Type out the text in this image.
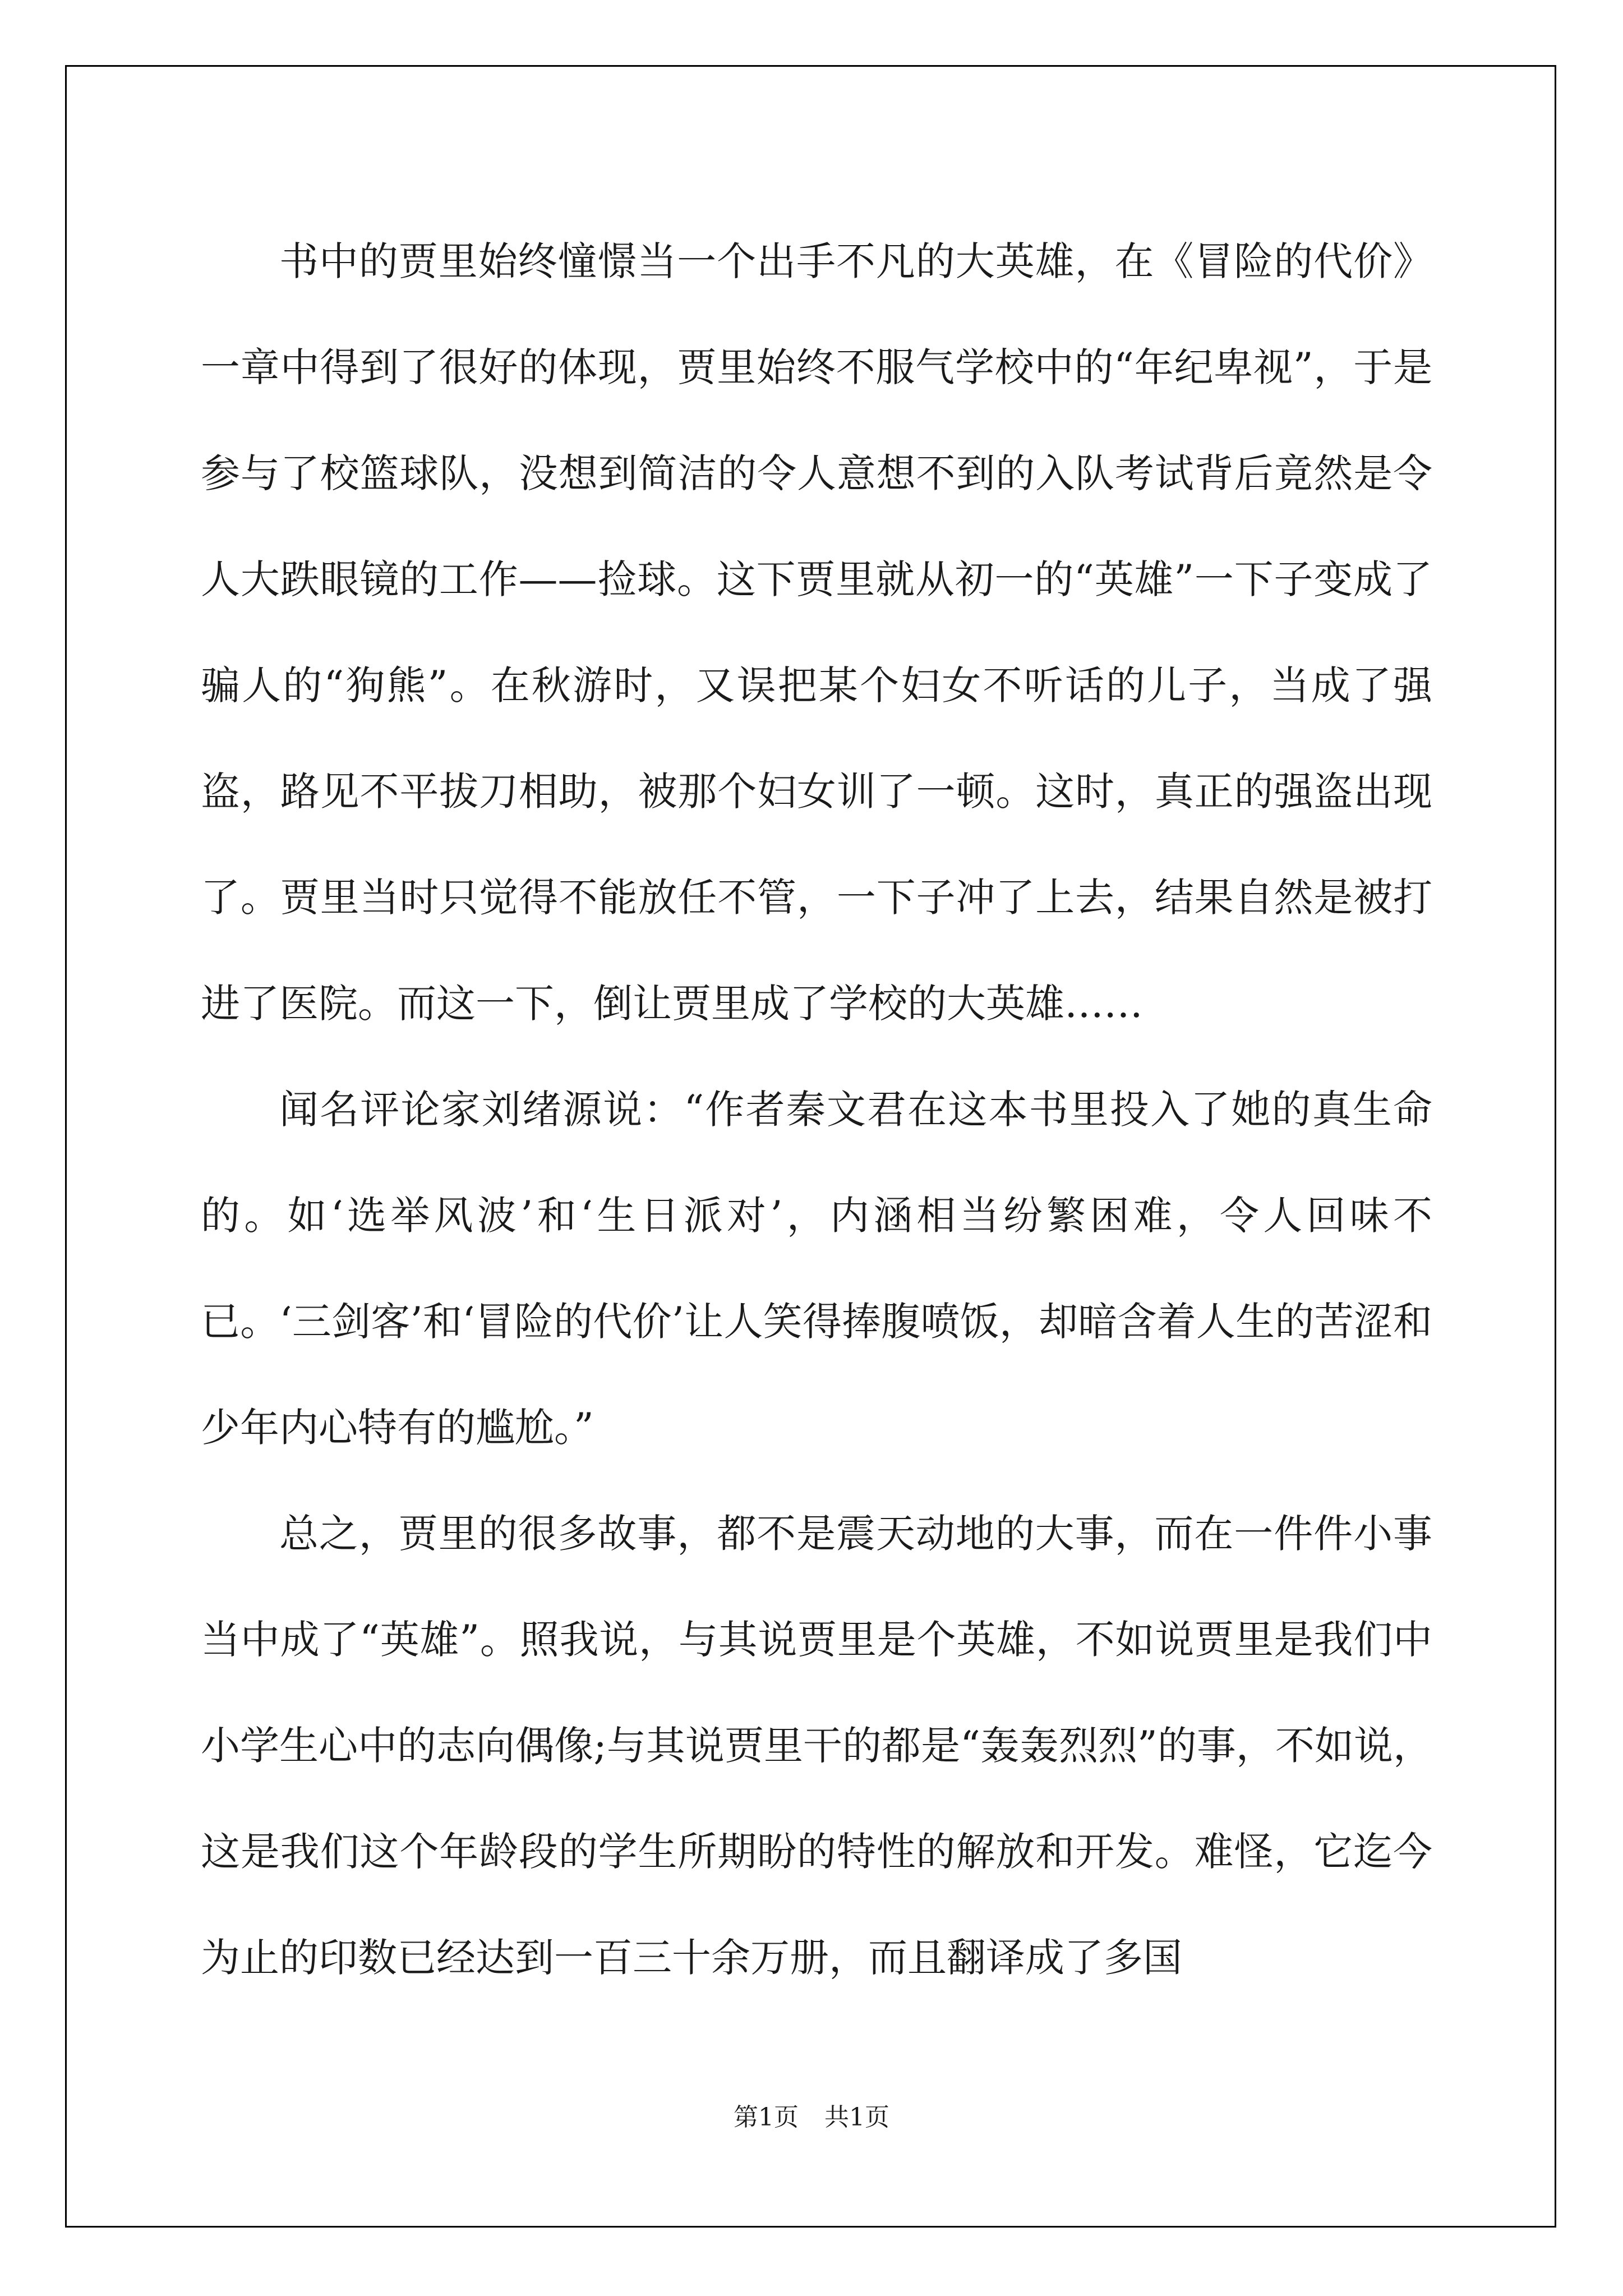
书中的贾里始终憧憬当一个出手不凡的大英雄，在《冒险的代价》一章中得到了很好的体现，贾里始终不服气学校中的“年纪卑视”，于是参与了校篮球队，没想到简洁的令人意想不到的入队考试背后竟然是令人大跌眼镜的工作——捡球。这下贾里就从初一的“英雄”一下子变成了骗人的“狗熊”。在秋游时，又误把某个妇女不听话的儿子，当成了强盗，路见不平拔刀相助，被那个妇女训了一顿。这时，真正的强盗出现了。贾里当时只觉得不能放任不管，一下子冲了上去，结果自然是被打进了医院。而这一下，倒让贾里成了学校的大英雄……

闻名评论家刘绪源说：“作者秦文君在这本书里投入了她的真生命的。如‘选举风波’和‘生日派对’，内涵相当纷繁困难，令人回味不已。‘三剑客’和‘冒险的代价’让人笑得捧腹喷饭，却暗含着人生的苦涩和少年内心特有的尴尬。”

总之，贾里的很多故事，都不是震天动地的大事，而在一件件小事当中成了“英雄”。照我说，与其说贾里是个英雄，不如说贾里是我们中小学生心中的志向偶像;与其说贾里干的都是“轰轰烈烈”的事，不如说，这是我们这个年龄段的学生所期盼的特性的解放和开发。难怪，它迄今为止的印数已经达到一百三十余万册，而且翻译成了多国

第1页 共1页
